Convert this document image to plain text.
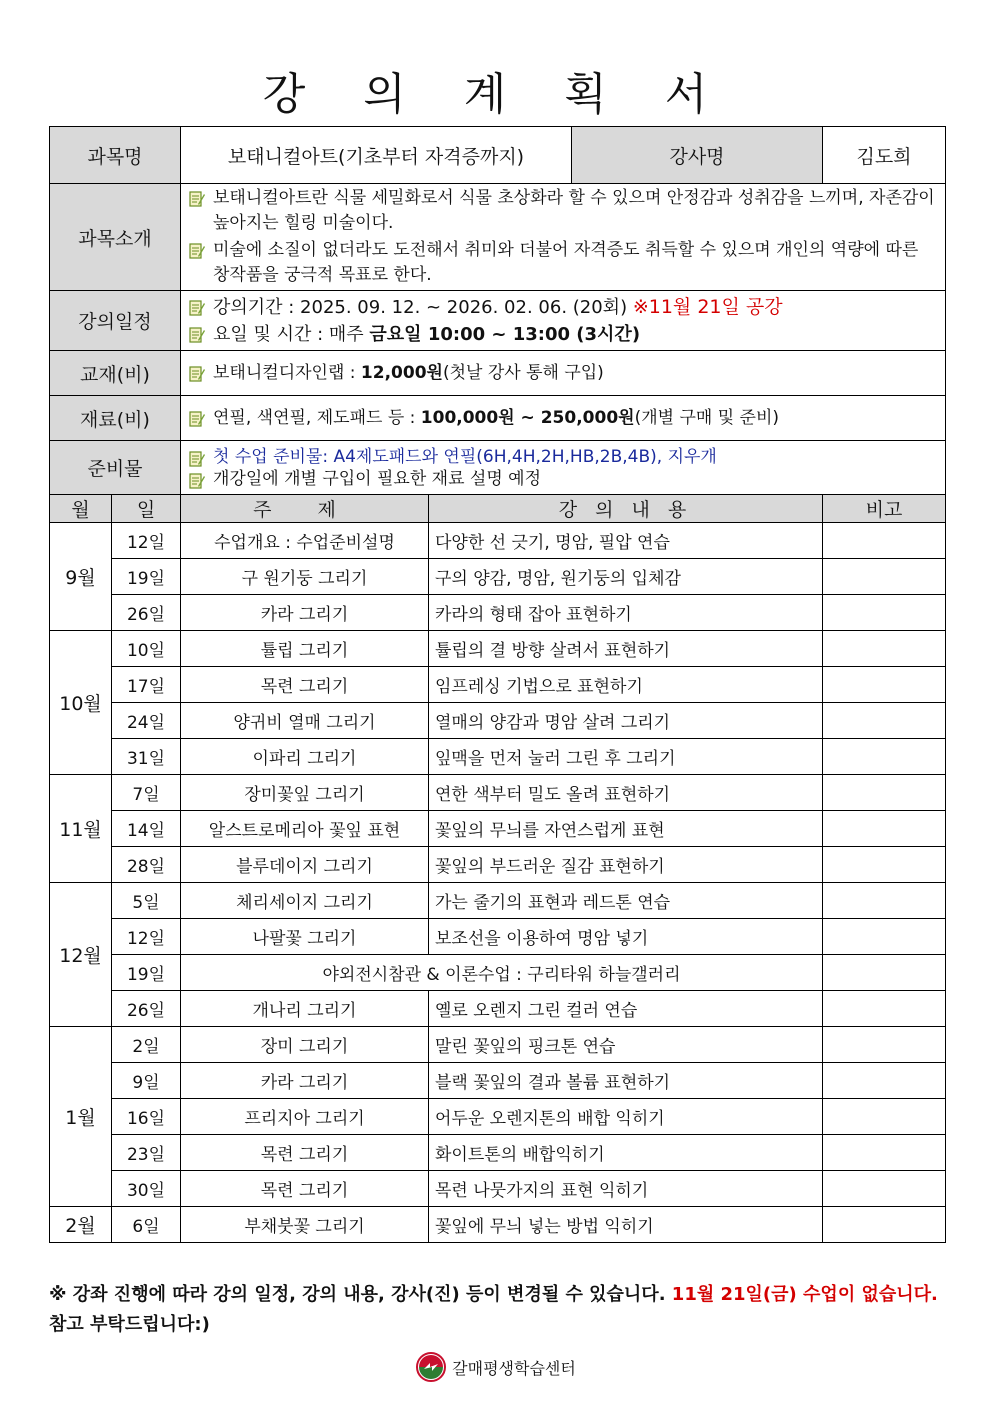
강 의 계 획 서
과목명		보태니컬아트(기초부터 자격증까지)		강사명	김도희
과목소개		보태니컬아트란 식물 세밀화로서 식물 초상화라 할 수 있으며 안정감과 성취감을 느끼며, 자존감이 높아지는 힐링 미술이다.
미술에 소질이 없더라도 도전해서 취미와 더불어 자격증도 취득할 수 있으며 개인의 역량에 따른 창작품을 궁극적 목표로 한다.			

강의일정		강의기간 : 2025. 09. 12. ~ 2026. 02. 06. (20회) ※11월 21일 공강
요일 및 시간 : 매주 금요일 10:00 ~ 13:00 (3시간)			

교재(비)		보태니컬디자인랩 : 12,000원(첫날 강사 통해 구입)			

재료(비)		연필, 색연필, 제도패드 등 : 100,000원 ~ 250,000원(개별 구매 및 준비)			

준비물		첫 수업 준비물: A4제도패드와 연필(6H,4H,2H,HB,2B,4B), 지우개
개강일에 개별 구입이 필요한 재료 설명 예정			

월	일	주 제	강 의 내 용		비고
9월	12일	수업개요 : 수업준비설명	다양한 선 긋기, 명암, 필압 연습		
	19일	구 원기둥 그리기	구의 양감, 명암, 원기둥의 입체감		
	26일	카라 그리기	카라의 형태 잡아 표현하기		
10월	10일	튤립 그리기	튤립의 결 방향 살려서 표현하기		
	17일	목련 그리기	임프레싱 기법으로 표현하기		
	24일	양귀비 열매 그리기	열매의 양감과 명암 살려 그리기		
	31일	이파리 그리기	잎맥을 먼저 눌러 그린 후 그리기		
11월	7일	장미꽃잎 그리기	연한 색부터 밀도 올려 표현하기		
	14일	알스트로메리아 꽃잎 표현	꽃잎의 무늬를 자연스럽게 표현		
	28일	블루데이지 그리기	꽃잎의 부드러운 질감 표현하기		
12월	5일	체리세이지 그리기	가는 줄기의 표현과 레드톤 연습		
	12일	나팔꽃 그리기	보조선을 이용하여 명암 넣기		
	19일	야외전시참관 & 이론수업 : 구리타워 하늘갤러리			
	26일	개나리 그리기	옐로 오렌지 그린 컬러 연습		
1월	2일	장미 그리기	말린 꽃잎의 핑크톤 연습		
	9일	카라 그리기	블랙 꽃잎의 결과 볼륨 표현하기		
	16일	프리지아 그리기	어두운 오렌지톤의 배합 익히기		
	23일	목련 그리기	화이트톤의 배합익히기		
	30일	목련 그리기	목련 나뭇가지의 표현 익히기		
2월	6일	부채붓꽃 그리기	꽃잎에 무늬 넣는 방법 익히기		
※ 강좌 진행에 따라 강의 일정, 강의 내용, 강사(진) 등이 변경될 수 있습니다. 11월 21일(금) 수업이 없습니다. 참고 부탁드립니다:)
갈매평생학습센터
